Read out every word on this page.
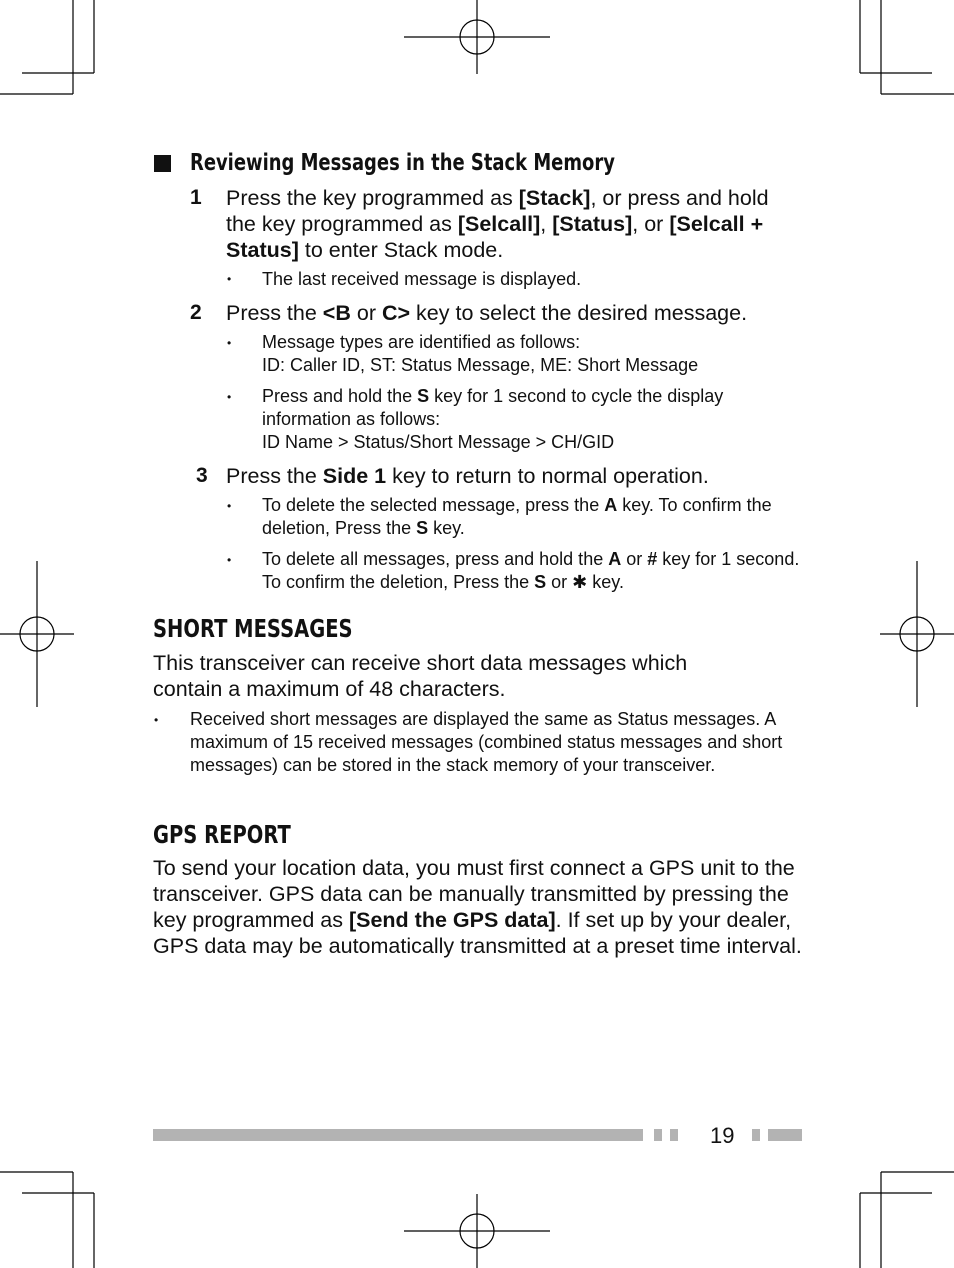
Reviewing Messages in the Stack Memory
1 Press the key programmed as [Stack], or press and hold the key programmed as [Selcall], [Status], or [Selcall + Status] to enter Stack mode.
• The last received message is displayed.
2 Press the <B or C> key to select the desired message.
• Message types are identified as follows:
ID: Caller ID, ST: Status Message, ME: Short Message
• Press and hold the S key for 1 second to cycle the display information as follows:
ID Name > Status/Short Message > CH/GID
3 Press the Side 1 key to return to normal operation.
• To delete the selected message, press the A key. To confirm the deletion, Press the S key.
• To delete all messages, press and hold the A or # key for 1 second. To confirm the deletion, Press the S or ✱ key.
SHORT MESSAGES
This transceiver can receive short data messages which contain a maximum of 48 characters.
• Received short messages are displayed the same as Status messages. A maximum of 15 received messages (combined status messages and short messages) can be stored in the stack memory of your transceiver.
GPS REPORT
To send your location data, you must first connect a GPS unit to the transceiver. GPS data can be manually transmitted by pressing the key programmed as [Send the GPS data]. If set up by your dealer, GPS data may be automatically transmitted at a preset time interval.
19
